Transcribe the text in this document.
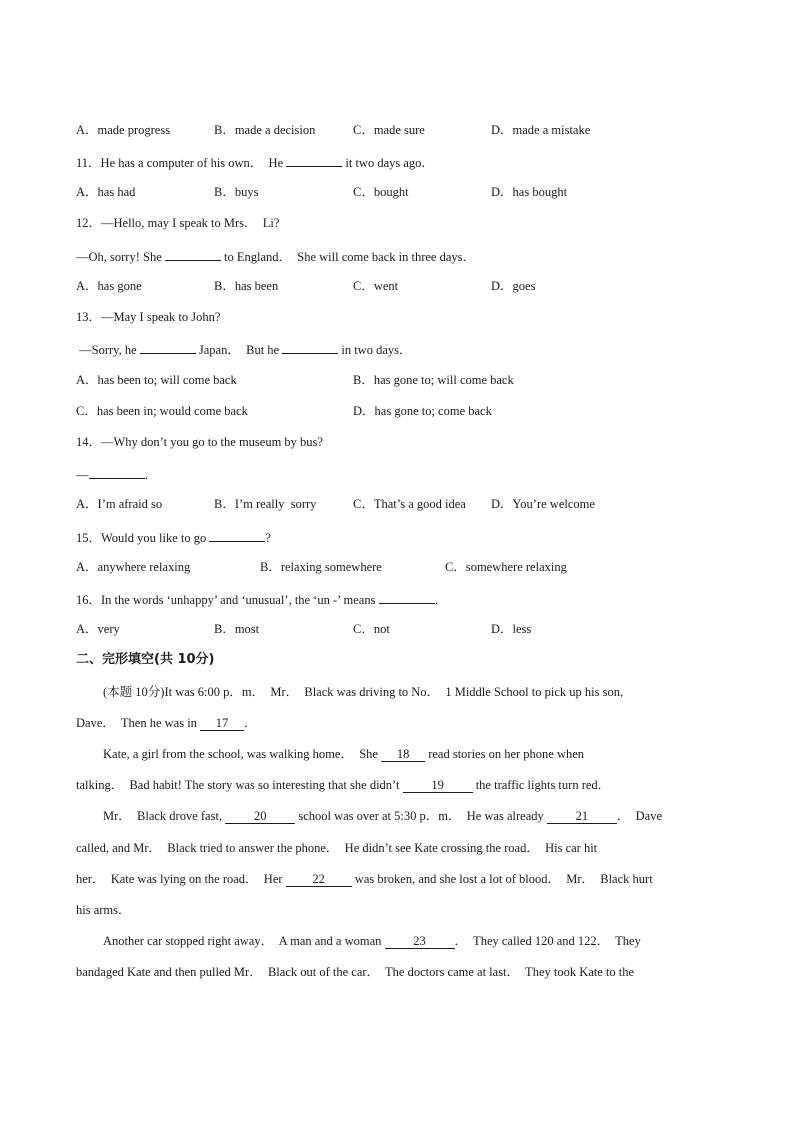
A．made progress	B．made a decision	C．made sure	D．made a mistake
11．He has a computer of his own．  He	it two days ago．
A．has had	B．buys	C．bought	D．has bought
12．—Hello, may I speak to Mrs．  Li?
—Oh, sorry! She	to England．  She will come back in three days．
A．has gone	B．has been	C．went	D．goes
13．—May I speak to John?
—Sorry, he	Japan．  But he	in two days．
A．has been to; will come back	B．has gone to; will come back
C．has been in; would come back	D．has gone to; come back
14．—Why don’t you go to the museum by bus?
—	．
A．I’m afraid so	B．I’m really  sorry	C．That’s a good idea D．You’re welcome
15．Would you like to go	?
A．anywhere relaxing	B．relaxing somewhere	C．somewhere relaxing
16．In the words ‘unhappy’ and ‘unusual’, the ‘un -’ means	．
A．very	B．most	C．not	D．less
二、完形填空(共 10分)
(本题 10分)It was 6:00 p．m．  Mr．  Black was driving to No．  1 Middle School to pick up his son,
Dave．  Then he was in 17 ．
Kate, a girl from the school, was walking home．  She 18 read stories on her phone when
talking．  Bad habit! The story was so interesting that she didn’t 19 the traffic lights turn red．
Mr．  Black drove fast, 20 school was over at 5:30 p．m．  He was already 21 ．  Dave
called, and Mr．  Black tried to answer the phone．  He didn’t see Kate crossing the road．  His car hit
her．  Kate was lying on the road．  Her 22 was broken, and she lost a lot of blood．  Mr．  Black hurt
his arms．
Another car stopped right away．  A man and a woman 23 ．  They called 120 and 122．  They
bandaged Kate and then pulled Mr．  Black out of the car．  The doctors came at last．  They took Kate to the
